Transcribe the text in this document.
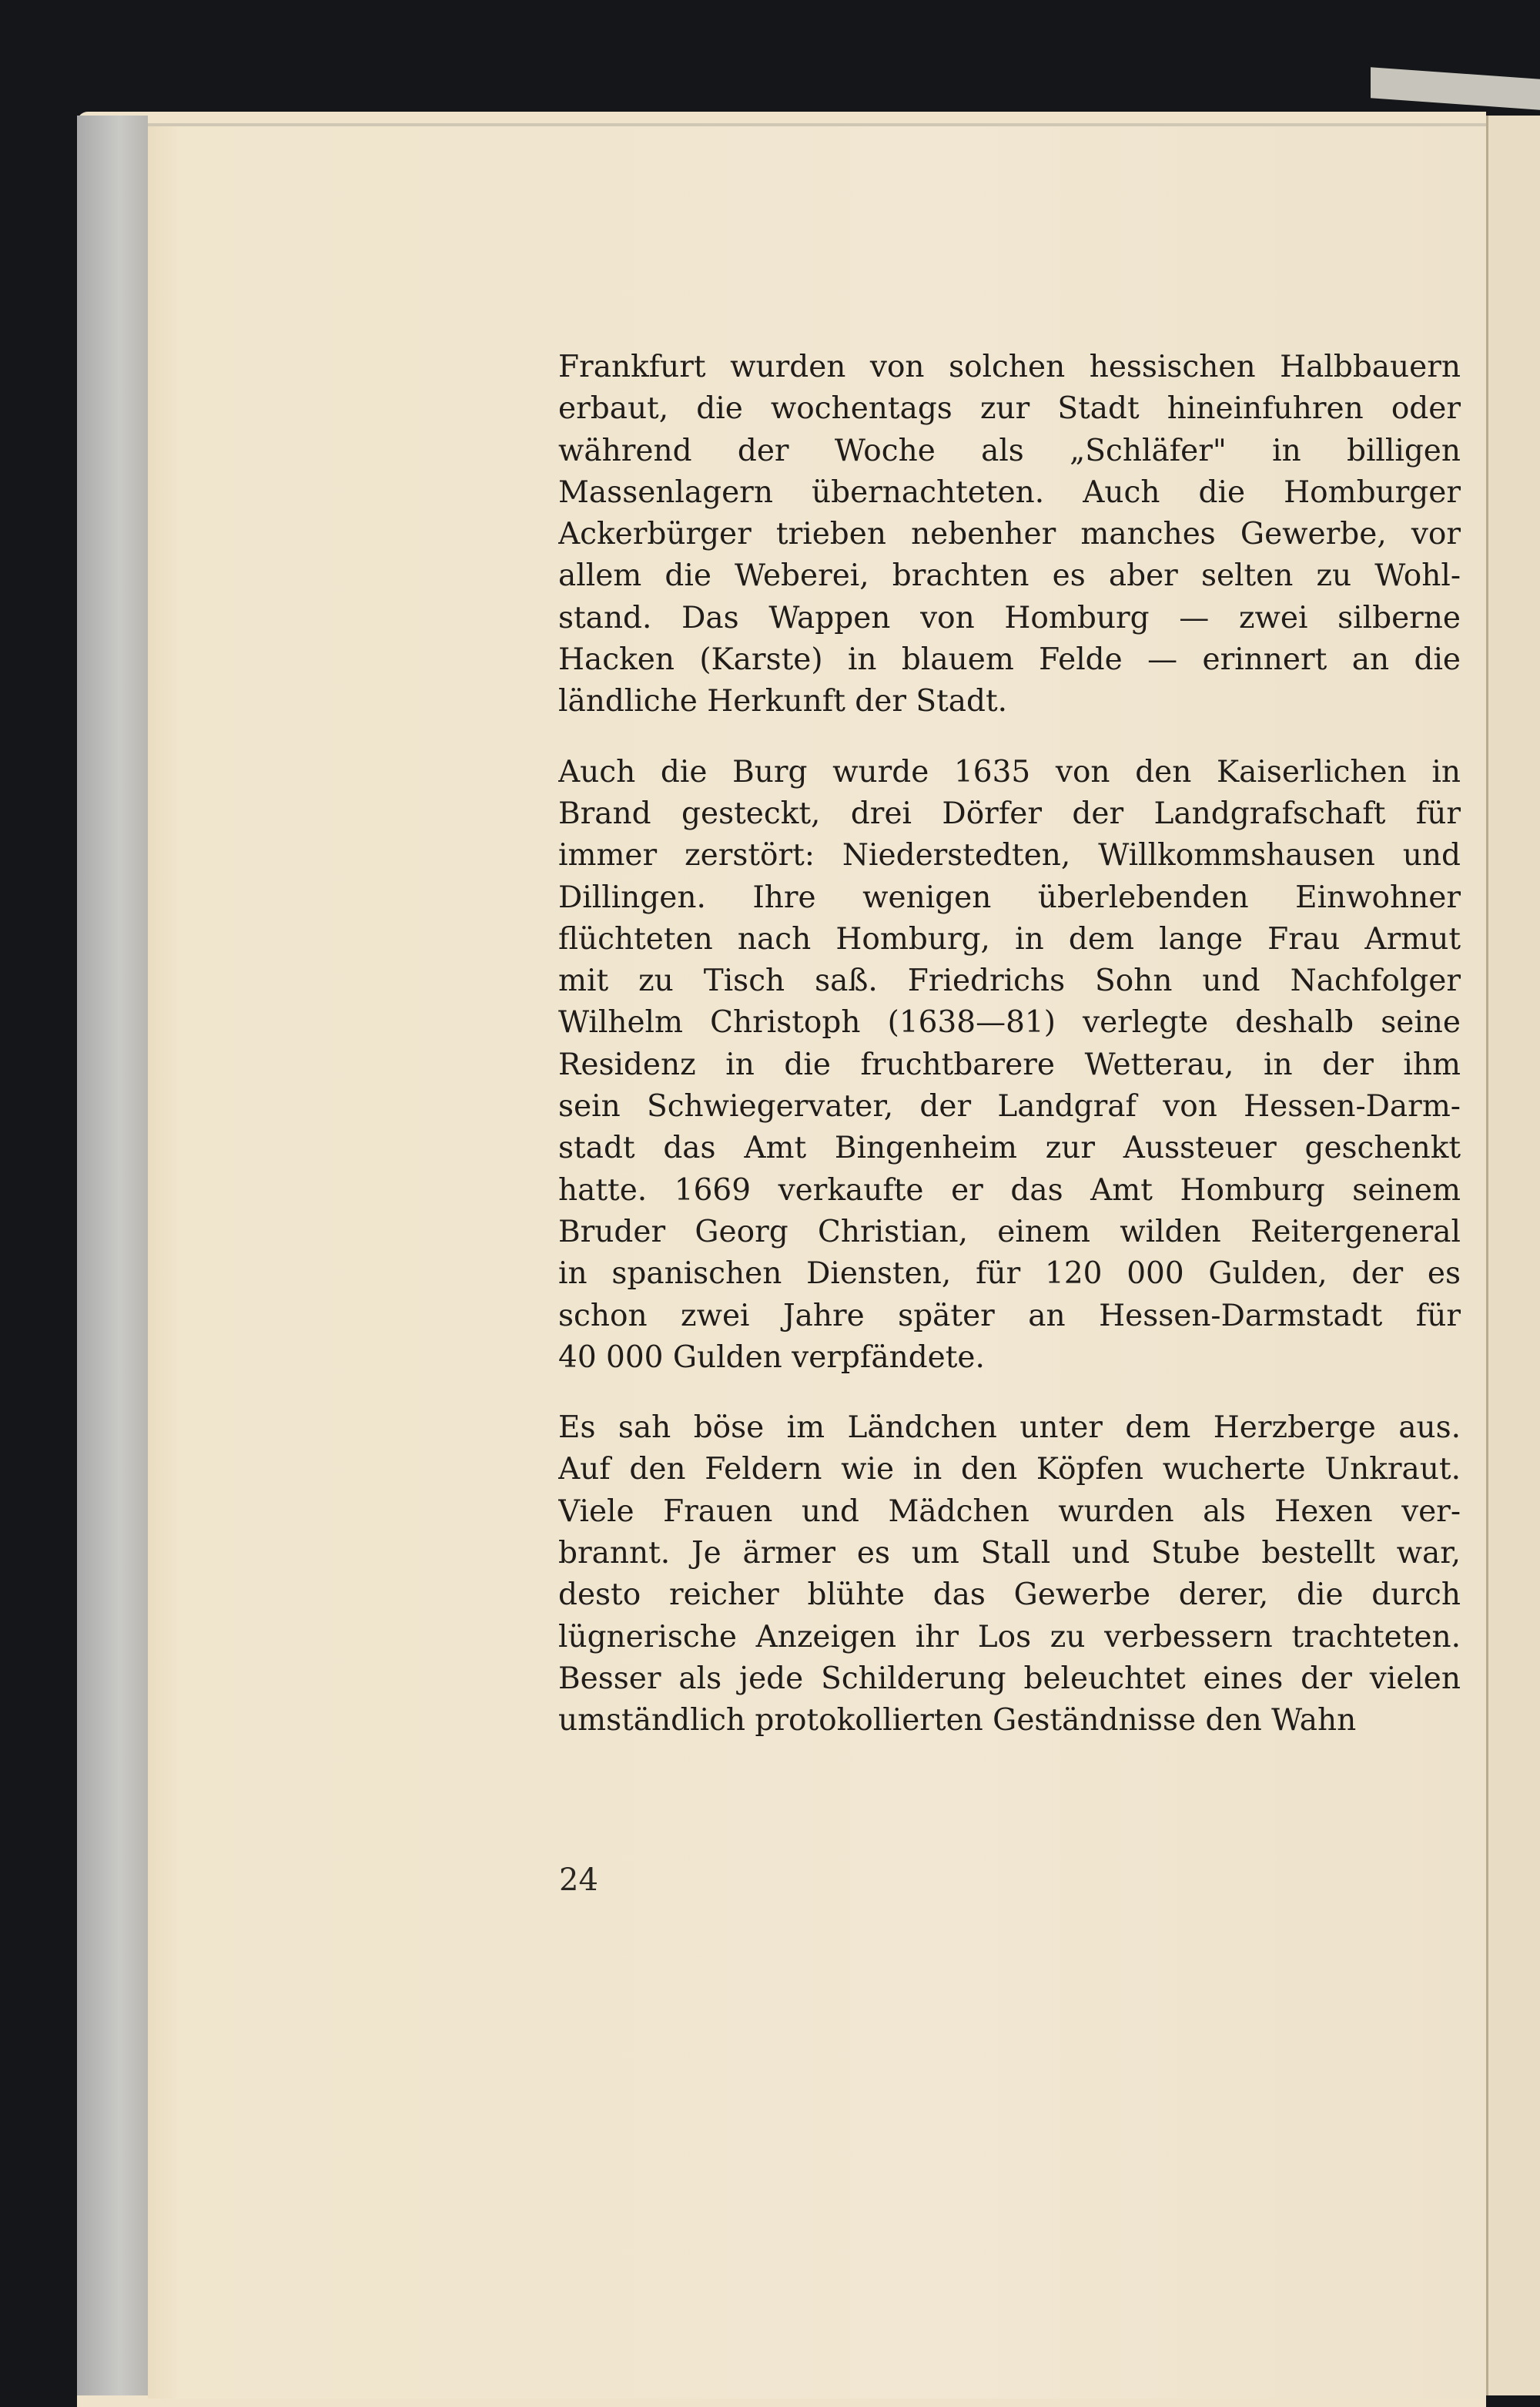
Frankfurt wurden von solchen hessischen Halbbauern
erbaut, die wochentags zur Stadt hineinfuhren oder
während der Woche als „Schläfer" in billigen
Massenlagern übernachteten. Auch die Homburger
Ackerbürger trieben nebenher manches Gewerbe, vor
allem die Weberei, brachten es aber selten zu Wohl-
stand. Das Wappen von Homburg — zwei silberne
Hacken (Karste) in blauem Felde — erinnert an die
ländliche Herkunft der Stadt.
Auch die Burg wurde 1635 von den Kaiserlichen in
Brand gesteckt, drei Dörfer der Landgrafschaft für
immer zerstört: Niederstedten, Willkommshausen und
Dillingen. Ihre wenigen überlebenden Einwohner
flüchteten nach Homburg, in dem lange Frau Armut
mit zu Tisch saß. Friedrichs Sohn und Nachfolger
Wilhelm Christoph (1638—81) verlegte deshalb seine
Residenz in die fruchtbarere Wetterau, in der ihm
sein Schwiegervater, der Landgraf von Hessen-Darm-
stadt das Amt Bingenheim zur Aussteuer geschenkt
hatte. 1669 verkaufte er das Amt Homburg seinem
Bruder Georg Christian, einem wilden Reitergeneral
in spanischen Diensten, für 120 000 Gulden, der es
schon zwei Jahre später an Hessen-Darmstadt für
40 000 Gulden verpfändete.
Es sah böse im Ländchen unter dem Herzberge aus.
Auf den Feldern wie in den Köpfen wucherte Unkraut.
Viele Frauen und Mädchen wurden als Hexen ver-
brannt. Je ärmer es um Stall und Stube bestellt war,
desto reicher blühte das Gewerbe derer, die durch
lügnerische Anzeigen ihr Los zu verbessern trachteten.
Besser als jede Schilderung beleuchtet eines der vielen
umständlich protokollierten Geständnisse den Wahn
24
